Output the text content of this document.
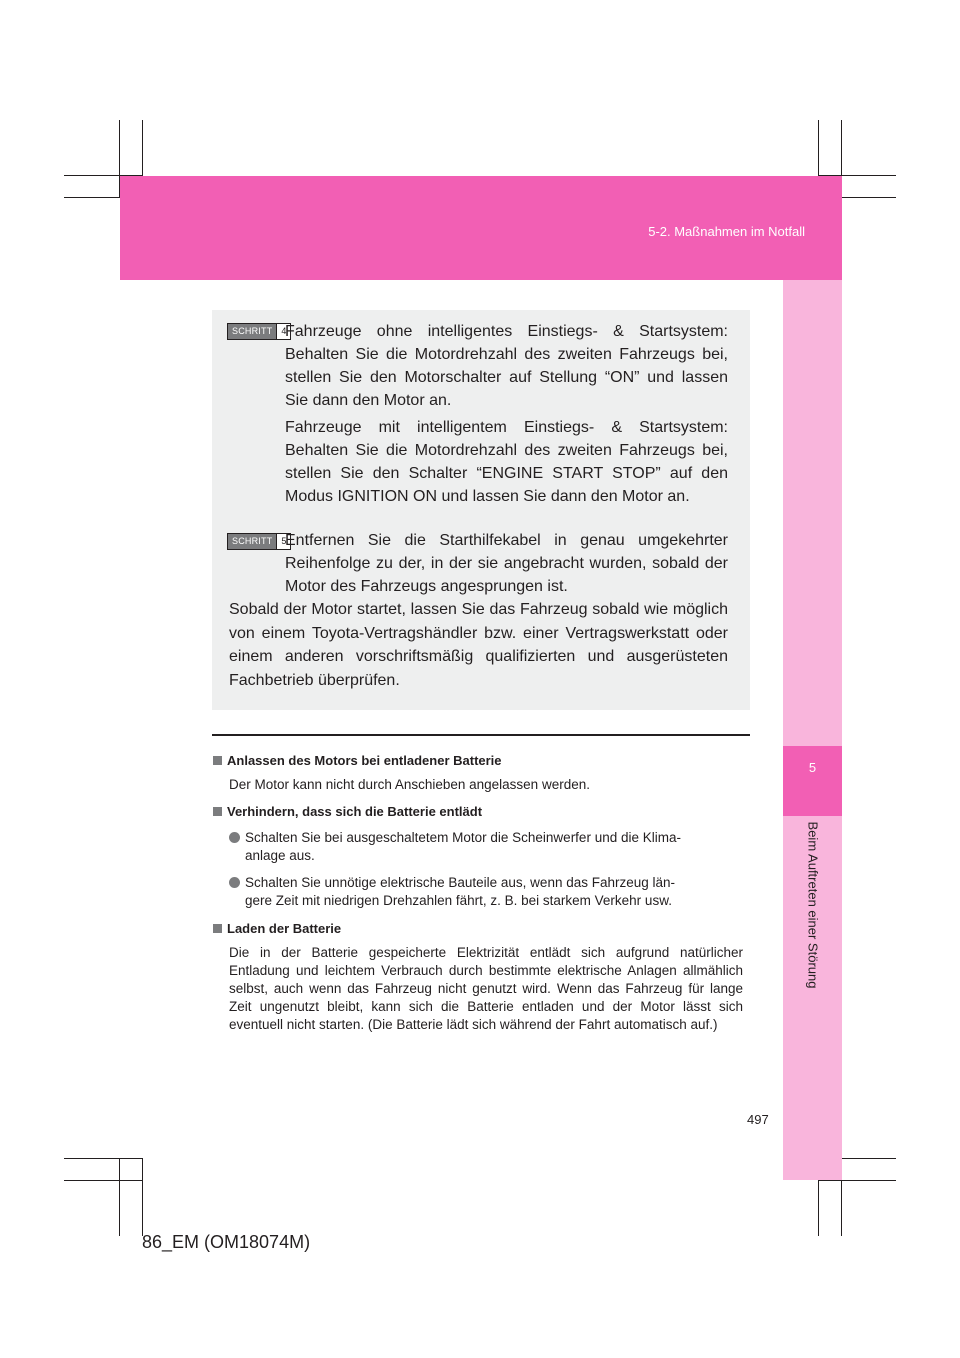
5-2. Maßnahmen im Notfall
5
Beim Auftreten einer Störung
SCHRITT	4
Fahrzeuge ohne intelligentes Einstiegs- & Startsystem: Behalten Sie die Motordrehzahl des zweiten Fahrzeugs bei, stellen Sie den Motorschalter auf Stellung “ON” und lassen Sie dann den Motor an.
Fahrzeuge mit intelligentem Einstiegs- & Startsystem: Behalten Sie die Motordrehzahl des zweiten Fahrzeugs bei, stellen Sie den Schalter “ENGINE START STOP” auf den Modus IGNITION ON und lassen Sie dann den Motor an.
SCHRITT	5
Entfernen Sie die Starthilfekabel in genau umgekehrter Reihenfolge zu der, in der sie angebracht wurden, sobald der Motor des Fahrzeugs angesprungen ist.
Sobald der Motor startet, lassen Sie das Fahrzeug sobald wie möglich von einem Toyota-Vertragshändler bzw. einer Vertragswerkstatt oder einem anderen vorschriftsmäßig qualifizierten und ausgerüsteten Fachbetrieb überprüfen.
Anlassen des Motors bei entladener Batterie
Der Motor kann nicht durch Anschieben angelassen werden.
Verhindern, dass sich die Batterie entlädt
Schalten Sie bei ausgeschaltetem Motor die Scheinwerfer und die Klima-
anlage aus.
Schalten Sie unnötige elektrische Bauteile aus, wenn das Fahrzeug län-
gere Zeit mit niedrigen Drehzahlen fährt, z. B. bei starkem Verkehr usw.
Laden der Batterie
Die in der Batterie gespeicherte Elektrizität entlädt sich aufgrund natürlicher Entladung und leichtem Verbrauch durch bestimmte elektrische Anlagen allmählich selbst, auch wenn das Fahrzeug nicht genutzt wird. Wenn das Fahrzeug für lange Zeit ungenutzt bleibt, kann sich die Batterie entladen und der Motor lässt sich eventuell nicht starten. (Die Batterie lädt sich während der Fahrt automatisch auf.)
497
86_EM (OM18074M)
